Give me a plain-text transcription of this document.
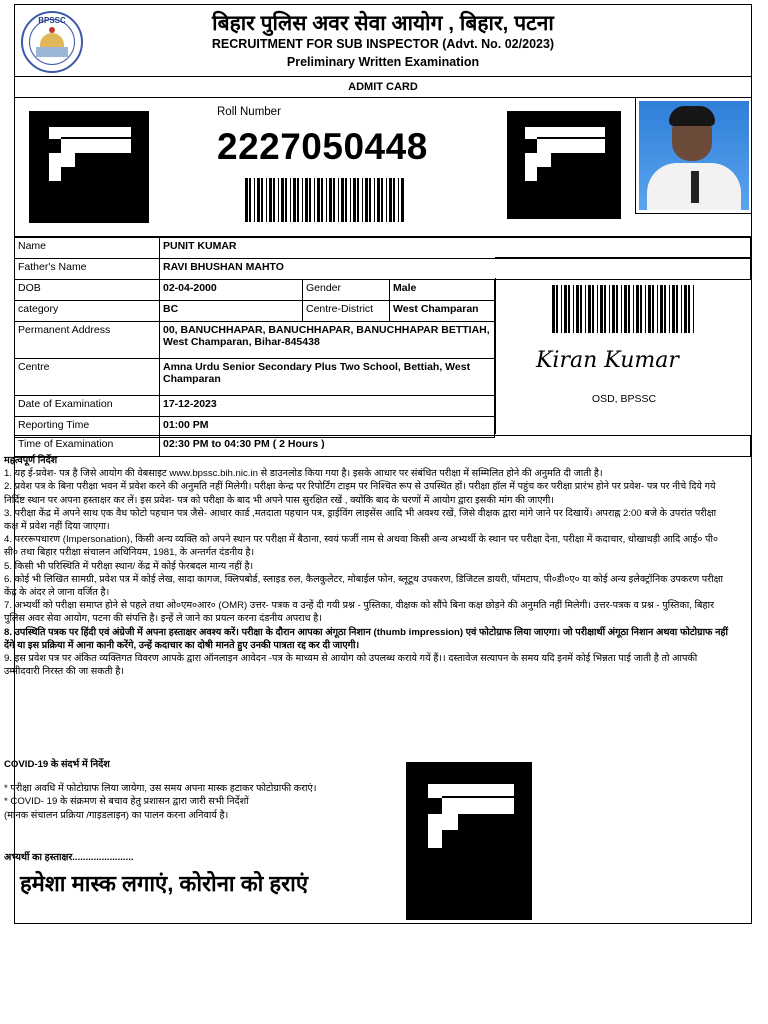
BPSSC	बिहार पुलिस अवर सेवा आयोग , बिहार, पटना
RECRUITMENT FOR SUB INSPECTOR (Advt. No. 02/2023)
Preliminary Written Examination
ADMIT CARD
Roll Number
2227050448
Name	PUNIT KUMAR
Father's Name	RAVI BHUSHAN MAHTO
DOB	02-04-2000	Gender	Male
category	BC	Centre-District	West Champaran
Permanent Address	00, BANUCHHAPAR, BANUCHHAPAR, BANUCHHAPAR BETTIAH, West Champaran, Bihar-845438		
Centre	Amna Urdu Senior Secondary Plus Two School, Bettiah, West Champaran		
Date of Examination	17-12-2023		
Reporting Time	01:00 PM		
Time of Examination	02:30 PM to 04:30 PM ( 2 Hours )
Kiran Kumar
OSD, BPSSC

महत्वपूर्ण निर्देश

1. यह ई-प्रवेश- पत्र है जिसे आयोग की वेबसाइट www.bpssc.bih.nic.in से डाउनलोड किया गया है। इसके आधार पर संबंधित परीक्षा में सम्मिलित होने की अनुमति दी जाती है।

2. प्रवेश पत्र के बिना परीक्षा भवन में प्रवेश करने की अनुमति नहीं मिलेगी। परीक्षा केन्द्र पर रिपोर्टिंग टाइम पर निश्चित रूप से उपस्थित हों। परीक्षा हॉल में पहुंच कर परीक्षा प्रारंभ होने पर प्रवेश- पत्र पर नीचे दिये गये निर्दिष्ट स्थान पर अपना हस्ताक्षर कर लें। इस प्रवेश- पत्र को परीक्षा के बाद भी अपने पास सुरक्षित रखें , क्योंकि बाद के चरणों में आयोग द्वारा इसकी मांग की जाएगी।

3. परीक्षा केंद्र में अपने साथ एक वैध फोटो पहचान पत्र जैसे- आधार कार्ड ,मतदाता पहचान पत्र, ड्राईविंग लाइसेंस आदि भी अवश्य रखें, जिसे वीक्षक द्वारा मांगे जाने पर दिखायें। अपराह्न 2:00 बजे के उपरांत परीक्षा कक्ष में प्रवेश नहीं दिया जाएगा।

4. परररूपधारण (Impersonation), किसी अन्य व्यक्ति को अपने स्थान पर परीक्षा में बैठाना, स्वयं फर्जी नाम से अथवा किसी अन्य अभ्यर्थी के स्थान पर परीक्षा देना, परीक्षा में कदाचार, धोखाधड़ी आदि आई० पी० सी० तथा बिहार परीक्षा संचालन अधिनियम, 1981, के अन्तर्गत दंडनीय है।

5. किसी भी परिस्थिति में परीक्षा स्थान/ केंद्र में कोई फेरबदल मान्य नहीं है।

6. कोई भी लिखित सामग्री, प्रवेश पत्र में कोई लेख, सादा कागज, क्लिपबोर्ड, स्लाइड रुल, कैलकुलेटर, मोबाईल फोन, ब्लूटूथ उपकरण, डिजिटल डायरी, पॉमटाप, पी०डी०ए० या कोई अन्य इलेक्ट्रॉनिक उपकरण परीक्षा केंद्र के अंदर ले जाना वर्जित है।

7. अभ्यर्थी को परीक्षा समाप्त होने से पहले तथा ओ०एम०आर० (OMR) उत्तर- पत्रक व उन्हें दी गयी प्रश्न - पुस्तिका, वीक्षक को सौंपे बिना कक्ष छोड़ने की अनुमति नहीं मिलेगी। उत्तर-पत्रक व प्रश्न - पुस्तिका, बिहार पुलिस अवर सेवा आयोग, पटना की संपत्ति है। इन्हें ले जाने का प्रयत्न करना दंडनीय अपराध है।

8. उपस्थिति पत्रक पर हिंदी एवं अंग्रेजी में अपना हस्ताक्षर अवश्य करें। परीक्षा के दौरान आपका अंगूठा निशान (thumb impression) एवं फोटोग्राफ लिया जाएगा। जो परीक्षार्थी अंगूठा निशान अथवा फोटोग्राफ नहीं देंगे या इस प्रक्रिया में आना कानी करेंगे, उन्हें कदाचार का दोषी मानते हुए उनकी पात्रता रद्द कर दी जाएगी।

9. इस प्रवेश पत्र पर अंकित व्यक्तिगत विवरण आपके द्वारा ऑनलाइन आवेदन -पत्र के माध्यम से आयोग को उपलब्ध कराये गयें हैं।। दस्तावेज सत्यापन के समय यदि इनमें कोई भिन्नता पाई जाती है तो आपकी उम्मीदवारी निरस्त की जा सकती है।

COVID-19 के संदर्भ में निर्देश
* परीक्षा अवधि में फोटोग्राफ लिया जायेगा, उस समय अपना मास्क हटाकर फोटोग्राफी कराएं।
* COVID- 19 के संक्रमण से बचाव हेतु प्रशासन द्वारा जारी सभी निर्देशों
(मानक संचालन प्रक्रिया /गाइडलाइन) का पालन करना अनिवार्य है।
अभ्यर्थी का हस्ताक्षर.......................
हमेशा मास्क लगाएं, कोरोना को हराएं
